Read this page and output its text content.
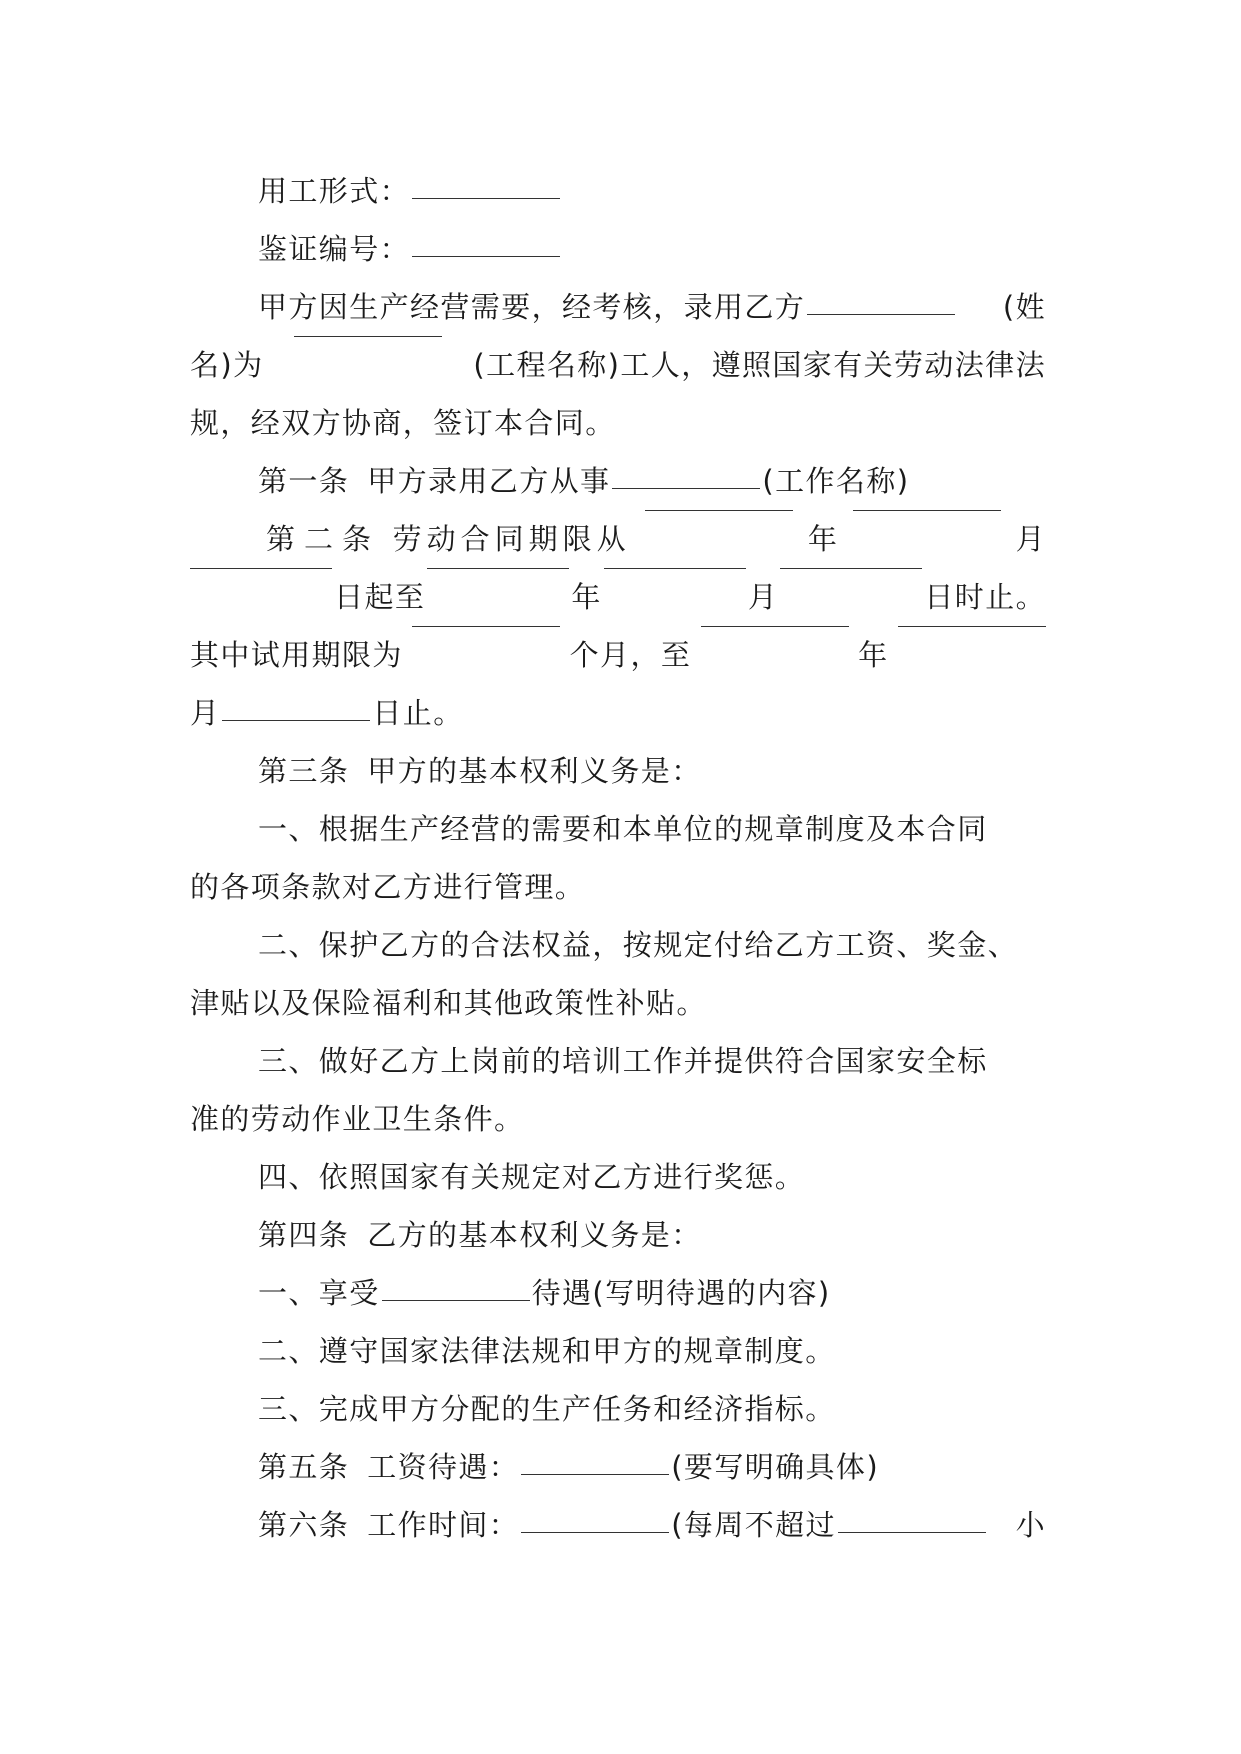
用工形式：
鉴证编号：
甲方因生产经营需要，经考核，录用乙方	(姓
名)为	(工程名称)工人，遵照国家有关劳动法律法
规，经双方协商，签订本合同。
第一条 甲方录用乙方从事	(工作名称)
第二条 劳动合同期限从	年	月
日起至	年	月	日时止。
其中试用期限为	个月，至	年
月	日止。
第三条 甲方的基本权利义务是：
一、根据生产经营的需要和本单位的规章制度及本合同
的各项条款对乙方进行管理。
二、保护乙方的合法权益，按规定付给乙方工资、奖金、
津贴以及保险福利和其他政策性补贴。
三、做好乙方上岗前的培训工作并提供符合国家安全标
准的劳动作业卫生条件。
四、依照国家有关规定对乙方进行奖惩。
第四条 乙方的基本权利义务是：
一、享受	待遇(写明待遇的内容)
二、遵守国家法律法规和甲方的规章制度。
三、完成甲方分配的生产任务和经济指标。
第五条 工资待遇：	(要写明确具体)
第六条 工作时间：	(每周不超过	小
